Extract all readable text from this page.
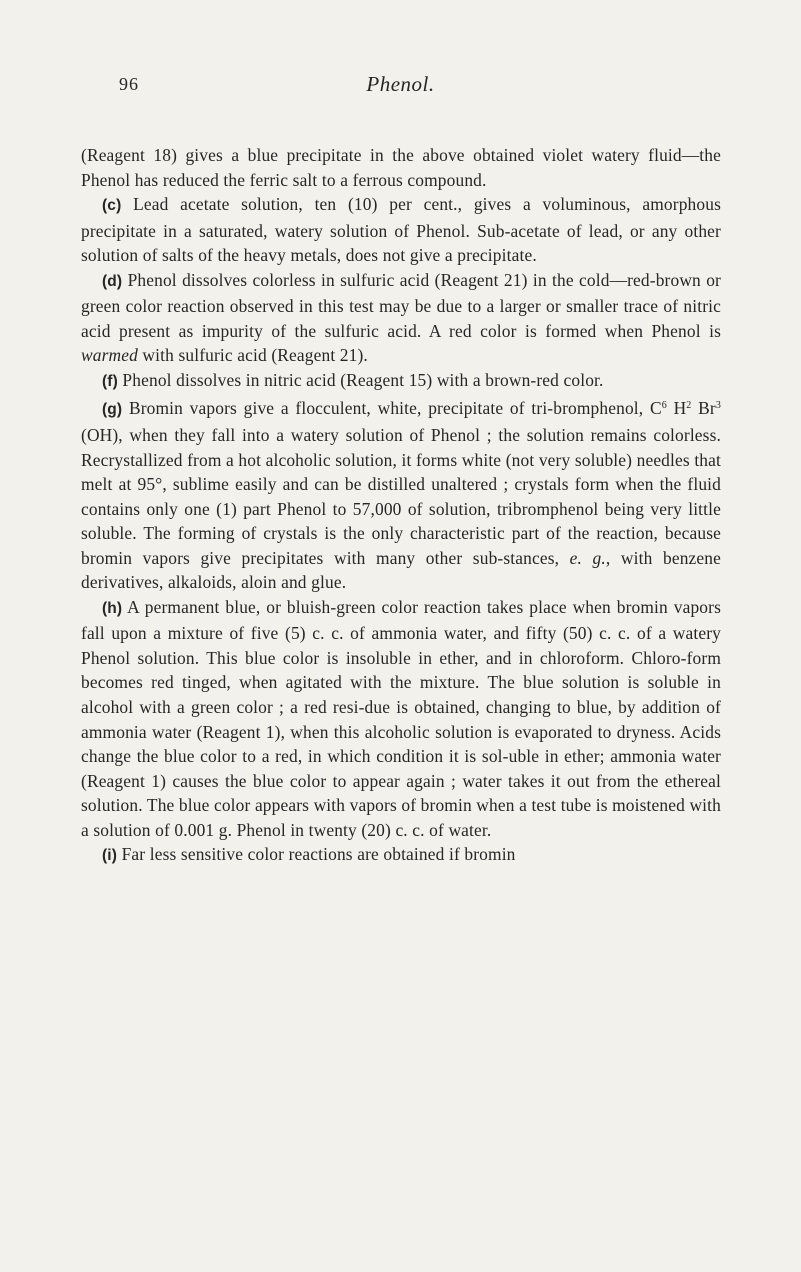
96	Phenol.

(Reagent 18) gives a blue precipitate in the above obtained violet watery fluid—the Phenol has reduced the ferric salt to a ferrous compound.

(c) Lead acetate solution, ten (10) per cent., gives a voluminous, amorphous precipitate in a saturated, watery solution of Phenol. Sub-acetate of lead, or any other solution of salts of the heavy metals, does not give a precipitate.

(d) Phenol dissolves colorless in sulfuric acid (Reagent 21) in the cold—red-brown or green color reaction observed in this test may be due to a larger or smaller trace of nitric acid present as impurity of the sulfuric acid. A red color is formed when Phenol is warmed with sulfuric acid (Reagent 21).

(f) Phenol dissolves in nitric acid (Reagent 15) with a brown-red color.

(g) Bromin vapors give a flocculent, white, precipitate of tri-bromphenol, $C^6$ $H^2$ Br$^3$ (OH), when they fall into a watery solution of Phenol ; the solution remains colorless. Recrystallized from a hot alcoholic solution, it forms white (not very soluble) needles that melt at 95°, sublime easily and can be distilled unaltered ; crystals form when the fluid contains only one (1) part Phenol to 57,000 of solution, tribromphenol being very little soluble. The forming of crystals is the only characteristic part of the reaction, because bromin vapors give precipitates with many other sub-stances, e. g., with benzene derivatives, alkaloids, aloin and glue.

(h) A permanent blue, or bluish-green color reaction takes place when bromin vapors fall upon a mixture of five (5) c. c. of ammonia water, and fifty (50) c. c. of a watery Phenol solution. This blue color is insoluble in ether, and in chloroform. Chloro-form becomes red tinged, when agitated with the mixture. The blue solution is soluble in alcohol with a green color ; a red resi-due is obtained, changing to blue, by addition of ammonia water (Reagent 1), when this alcoholic solution is evaporated to dryness. Acids change the blue color to a red, in which condition it is sol-uble in ether; ammonia water (Reagent 1) causes the blue color to appear again ; water takes it out from the ethereal solution. The blue color appears with vapors of bromin when a test tube is moistened with a solution of 0.001 g. Phenol in twenty (20) c. c. of water.

(i) Far less sensitive color reactions are obtained if bromin
